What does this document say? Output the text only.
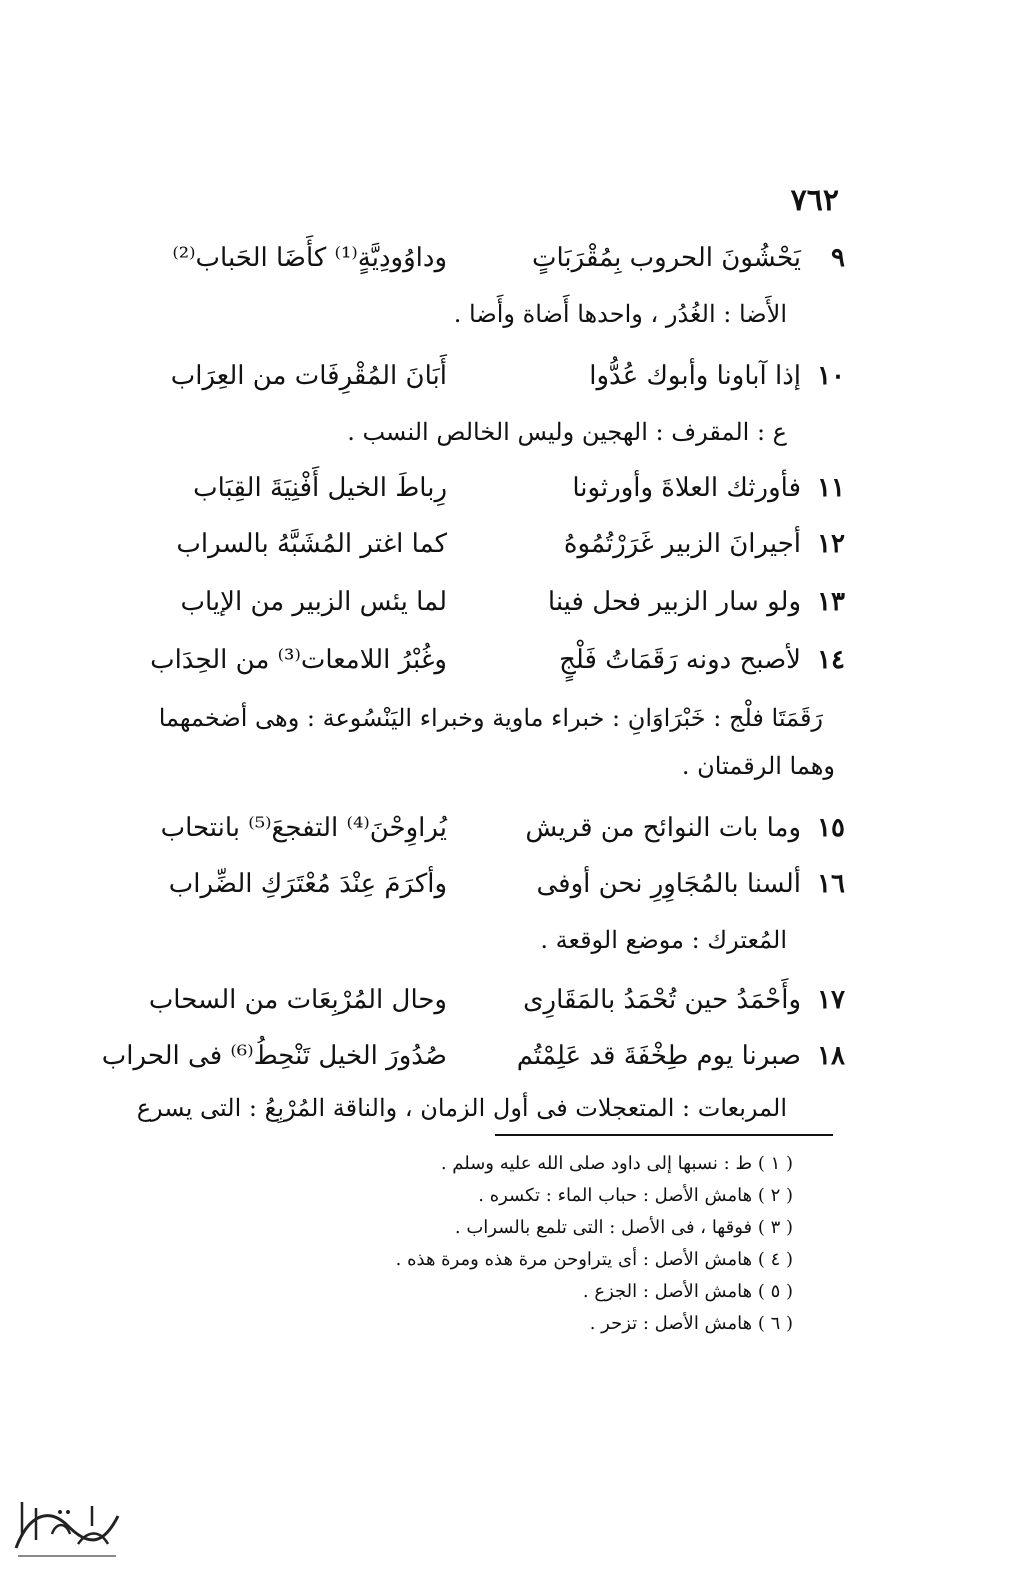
٧٦٢
٩
يَحْشُونَ الحروب بِمُقْرَبَاتٍ
وداوُودِيَّةٍ⁽¹⁾ كأَضَا الحَباب⁽²⁾
الأَضا : الغُدُر ، واحدها أَضاة وأَضا .
١٠
إذا آباونا وأبوك عُدُّوا
أَبَانَ المُقْرِفَات من العِرَاب
ع : المقرف : الهجين وليس الخالص النسب .
١١
فأورثك العلاةَ وأورثونا
رِباطَ الخيل أَفْنِيَةَ القِبَاب
١٢
أجيرانَ الزبير غَرَرْتُمُوهُ
كما اغتر المُشَبَّهُ بالسراب
١٣
ولو سار الزبير فحل فينا
لما يئس الزبير من الإياب
١٤
لأصبح دونه رَقَمَاتُ فَلْجٍ
وغُبْرُ اللامعات⁽³⁾ من الحِدَاب
رَقَمَتَا فلْج : خَبْرَاوَانِ : خبراء ماوية وخبراء اليَنْسُوعة : وهى أضخمهما
وهما الرقمتان .
١٥
وما بات النوائح من قريش
يُراوِحْنَ⁽⁴⁾ التفجعَ⁽⁵⁾ بانتحاب
١٦
ألسنا بالمُجَاوِرِ نحن أوفى
وأكرَمَ عِنْدَ مُعْتَرَكِ الضِّراب
المُعترك : موضع الوقعة .
١٧
وأَحْمَدُ حين تُحْمَدُ بالمَقَارِى
وحال المُرْبِعَات من السحاب
١٨
صبرنا يوم طِخْفَةَ قد عَلِمْتُم
صُدُورَ الخيل تَنْحِطُ⁽⁶⁾ فى الحراب
المربعات : المتعجلات فى أول الزمان ، والناقة المُرْبِعُ : التى يسرع
( ١ ) ط : نسبها إلى داود صلى الله عليه وسلم .
( ٢ ) هامش الأصل : حباب الماء : تكسره .
( ٣ ) فوقها ، فى الأصل : التى تلمع بالسراب .
( ٤ ) هامش الأصل : أى يتراوحن مرة هذه ومرة هذه .
( ٥ ) هامش الأصل : الجزع .
( ٦ ) هامش الأصل : تزحر .
